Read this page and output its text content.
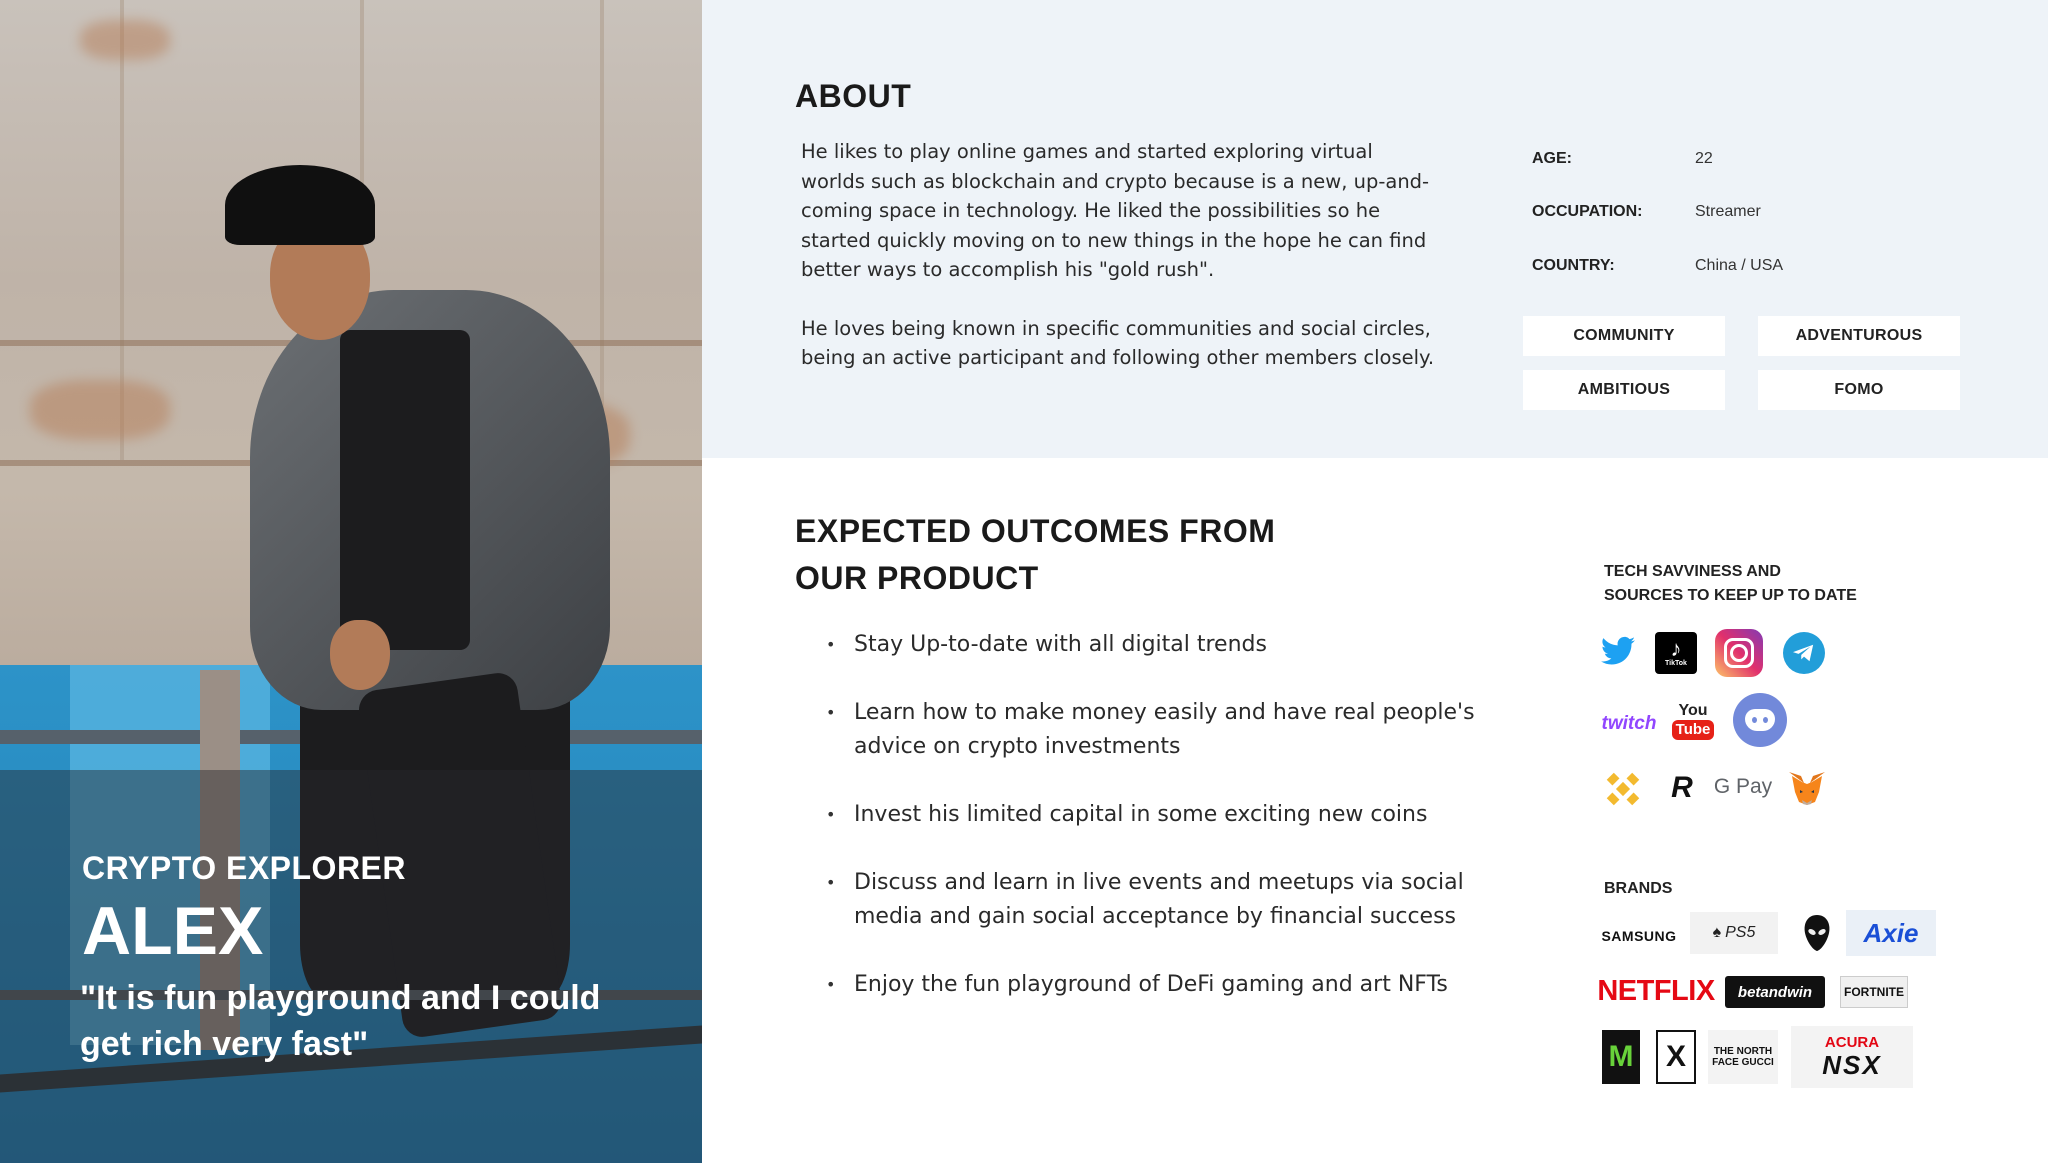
CRYPTO EXPLORER
ALEX
"It is fun playground and I could get rich very fast"
ABOUT

He likes to play online games and started exploring virtual worlds such as blockchain and crypto because is a new, up-and-coming space in technology. He liked the possibilities so he started quickly moving on to new things in the hope he can find better ways to accomplish his "gold rush".

He loves being known in specific communities and social circles, being an active participant and following other members closely.

AGE:	22
OCCUPATION:	Streamer
COUNTRY:	China / USA
COMMUNITY	ADVENTUROUS
AMBITIOUS	FOMO
EXPECTED OUTCOMES FROM
OUR PRODUCT
• Stay Up-to-date with all digital trends
• Learn how to make money easily and have real people's advice on crypto investments
• Invest his limited capital in some exciting new coins
• Discuss and learn in live events and meetups via social media and gain social acceptance by financial success
• Enjoy the fun playground of DeFi gaming and art NFTs
TECH SAVVINESS AND
SOURCES TO KEEP UP TO DATE
♪
TikTok
twitch
You
Tube
R G Pay
BRANDS
SAMSUNG ♠ PS5	Axie
NETFLIX	betandwin	FORTNITE
M	X	THE NORTH FACE GUCCI
ACURA
NSX
